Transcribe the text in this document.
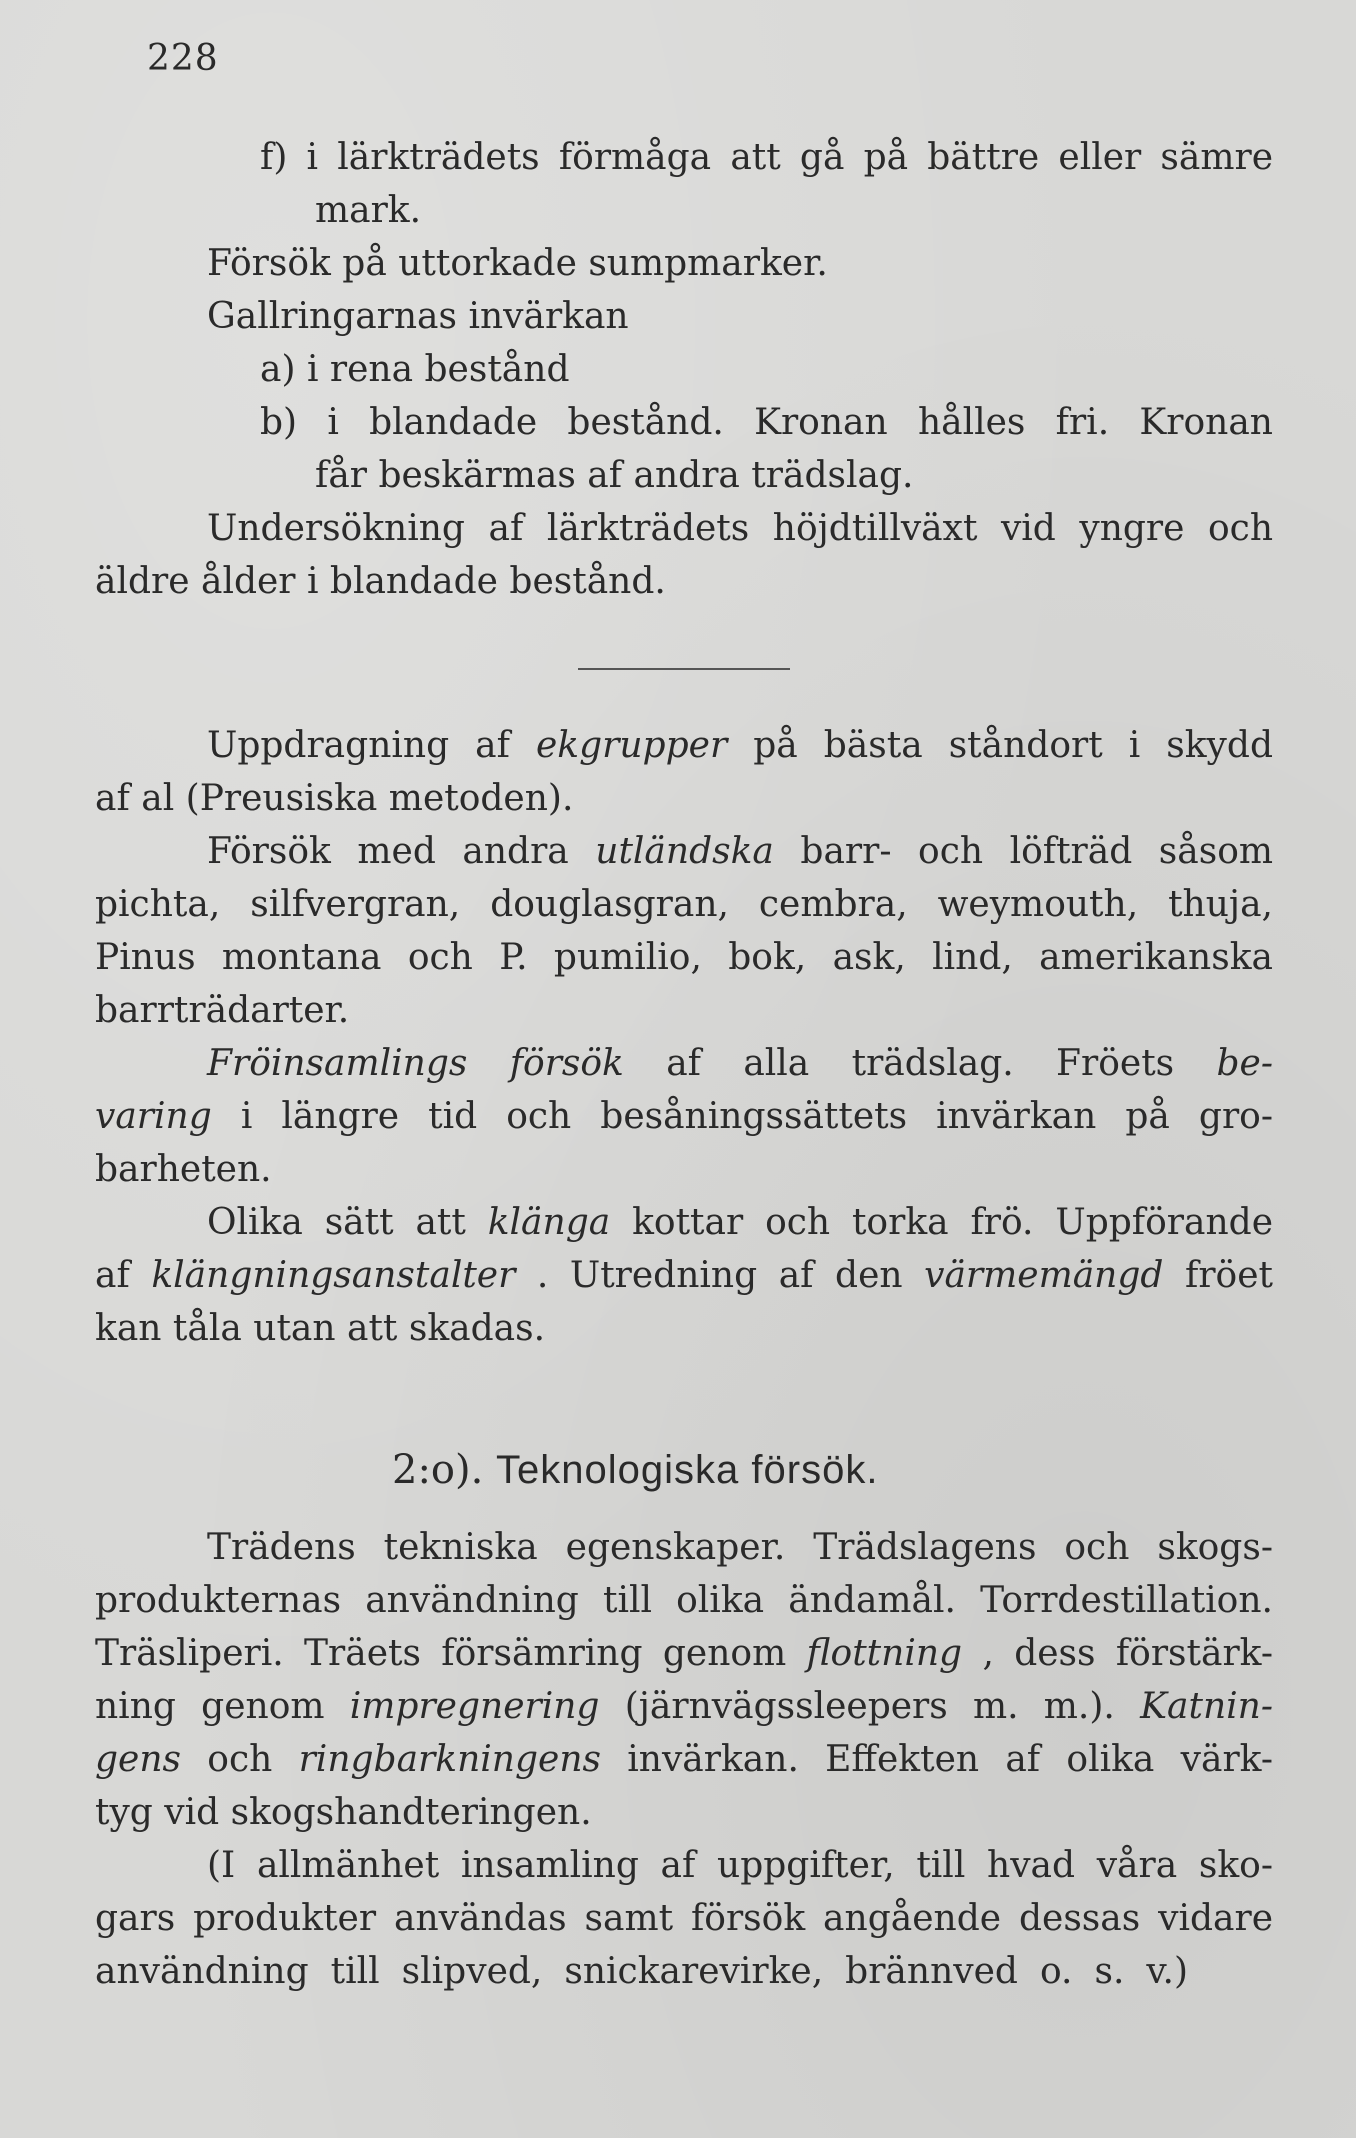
228
f) i lärkträdets förmåga att gå på bättre eller sämre
mark.
Försök på uttorkade sumpmarker.
Gallringarnas invärkan
a) i rena bestånd
b) i blandade bestånd. Kronan hålles fri. Kronan
får beskärmas af andra trädslag.
Undersökning af lärkträdets höjdtillväxt vid yngre och
äldre ålder i blandade bestånd.
Uppdragning af ekgrupper på bästa ståndort i skydd
af al (Preusiska metoden).
Försök med andra utländska barr- och löfträd såsom
pichta, silfvergran, douglasgran, cembra, weymouth, thuja,
Pinus montana och P. pumilio, bok, ask, lind, amerikanska
barrträdarter.
Fröinsamlings försök af alla trädslag. Fröets be-
varing i längre tid och besåningssättets invärkan på gro-
barheten.
Olika sätt att klänga kottar och torka frö. Uppförande
af klängningsanstalter . Utredning af den värmemängd fröet
kan tåla utan att skadas.
2:o). Teknologiska försök.
Trädens tekniska egenskaper. Trädslagens och skogs-
produkternas användning till olika ändamål. Torrdestillation.
Träsliperi. Träets försämring genom flottning , dess förstärk-
ning genom impregnering (järnvägssleepers m. m.). Katnin-
gens och ringbarkningens invärkan. Effekten af olika värk-
tyg vid skogshandteringen.
(I allmänhet insamling af uppgifter, till hvad våra sko-
gars produkter användas samt försök angående dessas vidare
användning till slipved, snickarevirke, brännved o. s. v.)
